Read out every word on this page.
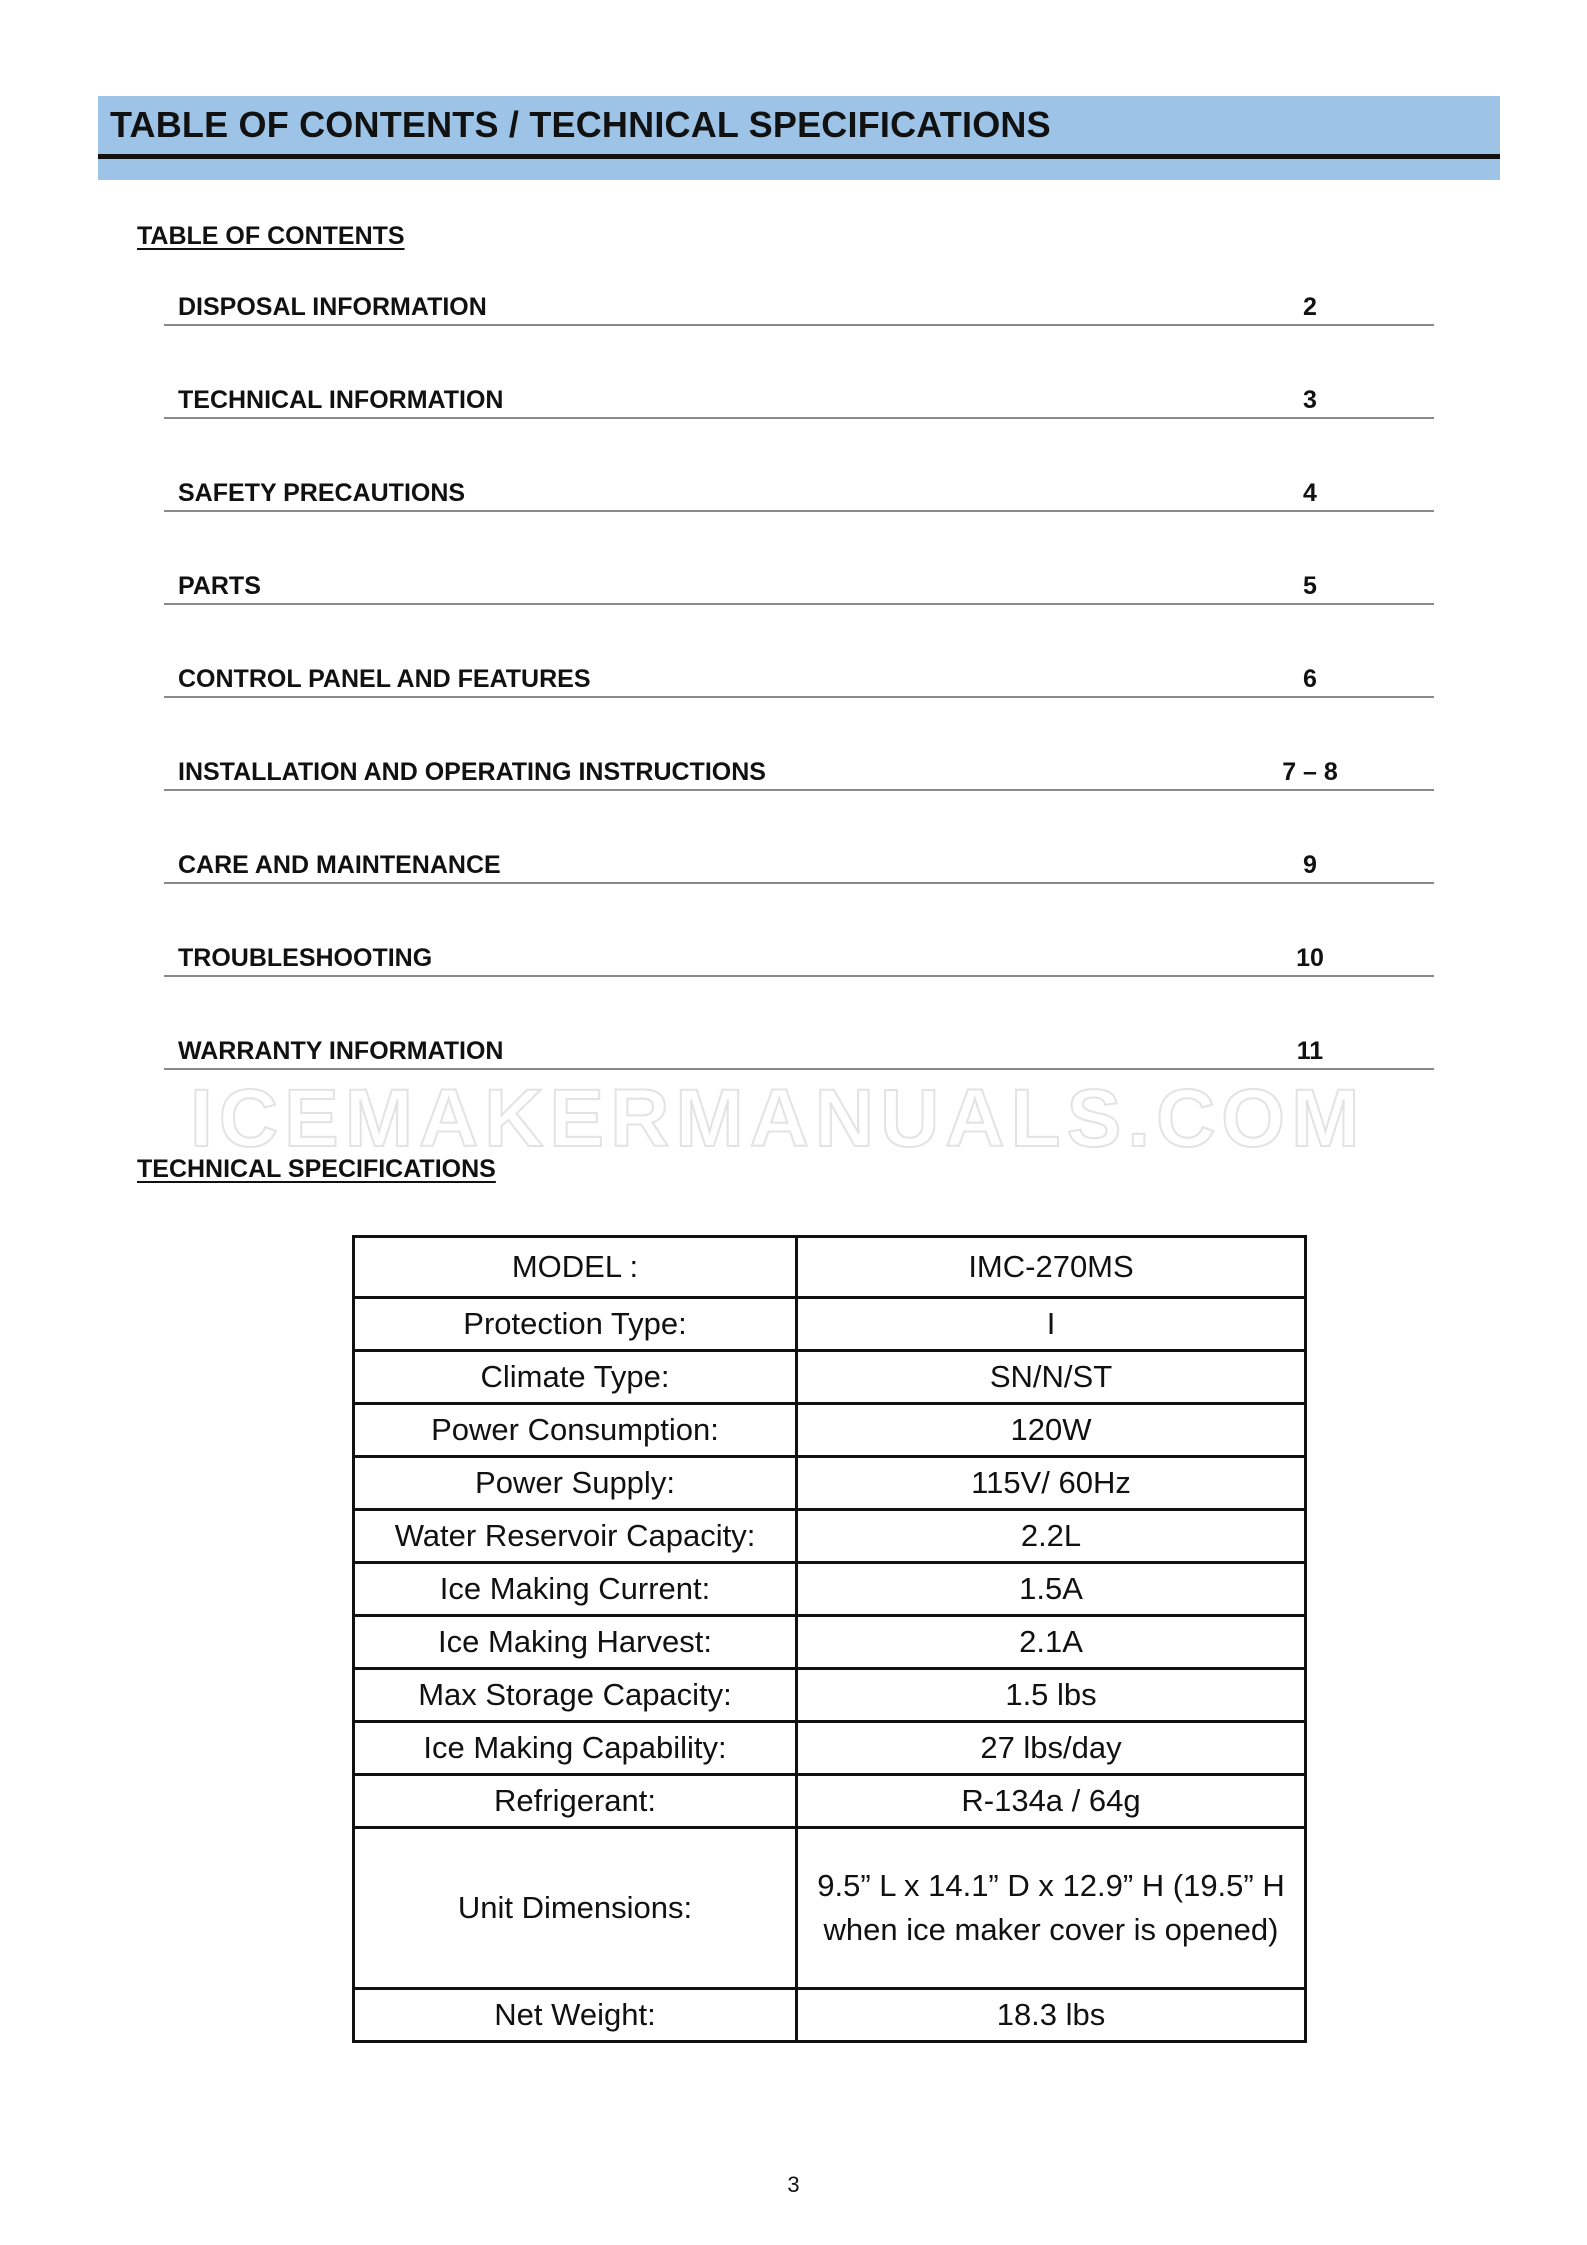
TABLE OF CONTENTS / TECHNICAL SPECIFICATIONS
TABLE OF CONTENTS
DISPOSAL INFORMATION	2
TECHNICAL INFORMATION	3
SAFETY PRECAUTIONS	4
PARTS	5
CONTROL PANEL AND FEATURES	6
INSTALLATION AND OPERATING INSTRUCTIONS	7 – 8
CARE AND MAINTENANCE	9
TROUBLESHOOTING	10
WARRANTY INFORMATION	11
ICEMAKERMANUALS.COM
TECHNICAL SPECIFICATIONS
MODEL :	IMC-270MS
Protection Type:	I
Climate Type:	SN/N/ST
Power Consumption:	120W
Power Supply:	115V/ 60Hz
Water Reservoir Capacity:	2.2L
Ice Making Current:	1.5A
Ice Making Harvest:	2.1A
Max Storage Capacity:	1.5 lbs
Ice Making Capability:	27 lbs/day
Refrigerant:	R-134a / 64g
Unit Dimensions:	9.5” L x 14.1” D x 12.9” H (19.5” H when ice maker cover is opened)
Net Weight:	18.3 lbs
3
